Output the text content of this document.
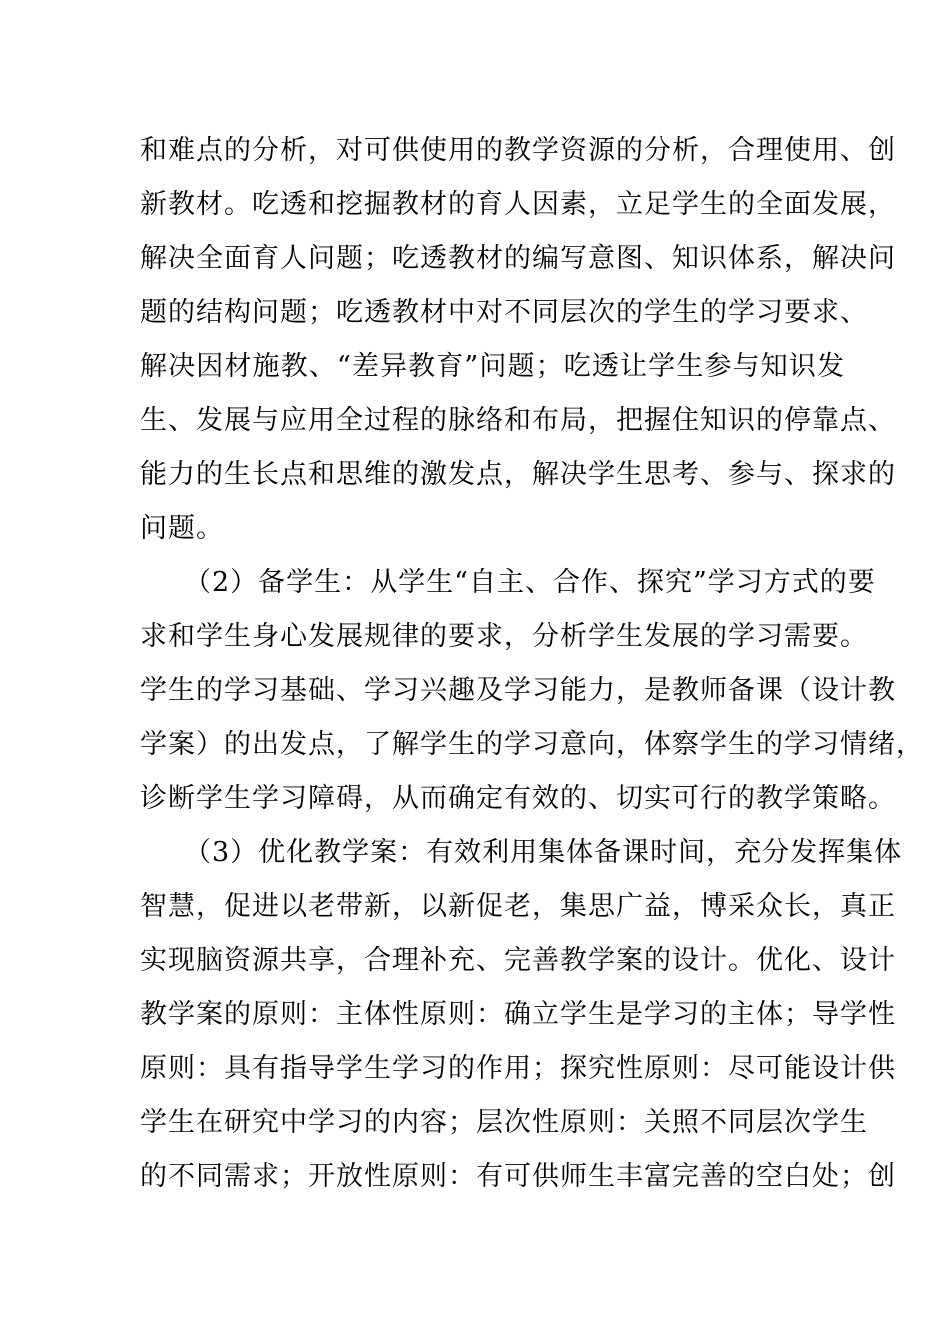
和难点的分析，对可供使用的教学资源的分析，合理使用、创
新教材。吃透和挖掘教材的育人因素，立足学生的全面发展，
解决全面育人问题；吃透教材的编写意图、知识体系，解决问
题的结构问题；吃透教材中对不同层次的学生的学习要求、
解决因材施教、“差异教育”问题；吃透让学生参与知识发
生、发展与应用全过程的脉络和布局，把握住知识的停靠点、
能力的生长点和思维的激发点，解决学生思考、参与、探求的
问题。
（2）备学生：从学生“自主、合作、探究”学习方式的要
求和学生身心发展规律的要求，分析学生发展的学习需要。
学生的学习基础、学习兴趣及学习能力，是教师备课（设计教
学案）的出发点，了解学生的学习意向，体察学生的学习情绪，
诊断学生学习障碍，从而确定有效的、切实可行的教学策略。
（3）优化教学案：有效利用集体备课时间，充分发挥集体
智慧，促进以老带新，以新促老，集思广益，博采众长，真正
实现脑资源共享，合理补充、完善教学案的设计。优化、设计
教学案的原则：主体性原则：确立学生是学习的主体；导学性
原则：具有指导学生学习的作用；探究性原则：尽可能设计供
学生在研究中学习的内容；层次性原则：关照不同层次学生
的不同需求；开放性原则：有可供师生丰富完善的空白处；创
